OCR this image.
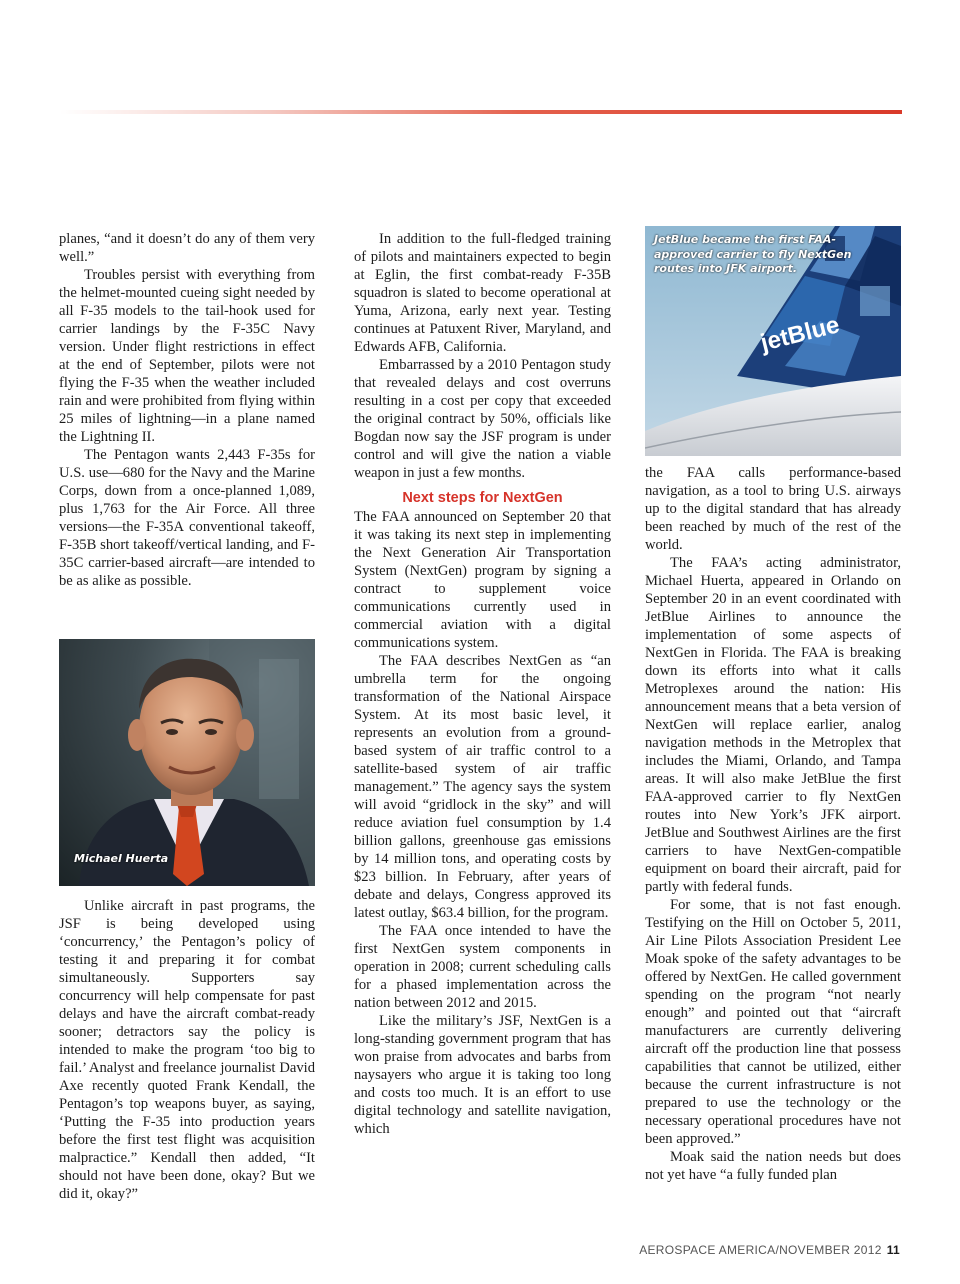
planes, “and it doesn’t do any of them very well.”

Troubles persist with everything from the helmet-mounted cueing sight needed by all F-35 models to the tail-hook used for carrier landings by the F-35C Navy version. Under flight restrictions in effect at the end of September, pilots were not flying the F-35 when the weather included rain and were prohibited from flying within 25 miles of lightning—in a plane named the Lightning II.

The Pentagon wants 2,443 F-35s for U.S. use—680 for the Navy and the Marine Corps, down from a once-planned 1,089, plus 1,763 for the Air Force. All three versions—the F-35A conventional takeoff, F-35B short takeoff/vertical landing, and F-35C carrier-based aircraft—are intended to be as alike as possible.

Michael Huerta

Unlike aircraft in past programs, the JSF is being developed using ‘concurrency,’ the Pentagon’s policy of testing it and preparing it for combat simultaneously. Supporters say concurrency will help compensate for past delays and have the aircraft combat-ready sooner; detractors say the policy is intended to make the program ‘too big to fail.’ Analyst and freelance journalist David Axe recently quoted Frank Kendall, the Pentagon’s top weapons buyer, as saying, ‘Putting the F-35 into production years before the first test flight was acquisition malpractice.” Kendall then added, “It should not have been done, okay? But we did it, okay?”

In addition to the full-fledged training of pilots and maintainers expected to begin at Eglin, the first combat-ready F-35B squadron is slated to become operational at Yuma, Arizona, early next year. Testing continues at Patuxent River, Maryland, and Edwards AFB, California.

Embarrassed by a 2010 Pentagon study that revealed delays and cost overruns resulting in a cost per copy that exceeded the original contract by 50%, officials like Bogdan now say the JSF program is under control and will give the nation a viable weapon in just a few months.

Next steps for NextGen

The FAA announced on September 20 that it was taking its next step in implementing the Next Generation Air Transportation System (NextGen) program by signing a contract to supplement voice communications currently used in commercial aviation with a digital communications system.

The FAA describes NextGen as “an umbrella term for the ongoing transformation of the National Airspace System. At its most basic level, it represents an evolution from a ground-based system of air traffic control to a satellite-based system of air traffic management.” The agency says the system will avoid “gridlock in the sky” and will reduce aviation fuel consumption by 1.4 billion gallons, greenhouse gas emissions by 14 million tons, and operating costs by $23 billion. In February, after years of debate and delays, Congress approved its latest outlay, $63.4 billion, for the program.

The FAA once intended to have the first NextGen system components in operation in 2008; current scheduling calls for a phased implementation across the nation between 2012 and 2015.

Like the military’s JSF, NextGen is a long-standing government program that has won praise from advocates and barbs from naysayers who argue it is taking too long and costs too much. It is an effort to use digital technology and satellite navigation, which

jetBlue
JetBlue became the first FAA-approved carrier to fly NextGen routes into JFK airport.

the FAA calls performance-based navigation, as a tool to bring U.S. airways up to the digital standard that has already been reached by much of the rest of the world.

The FAA’s acting administrator, Michael Huerta, appeared in Orlando on September 20 in an event coordinated with JetBlue Airlines to announce the implementation of some aspects of NextGen in Florida. The FAA is breaking down its efforts into what it calls Metroplexes around the nation: His announcement means that a beta version of NextGen will replace earlier, analog navigation methods in the Metroplex that includes the Miami, Orlando, and Tampa areas. It will also make JetBlue the first FAA-approved carrier to fly NextGen routes into New York’s JFK airport. JetBlue and Southwest Airlines are the first carriers to have NextGen-compatible equipment on board their aircraft, paid for partly with federal funds.

For some, that is not fast enough. Testifying on the Hill on October 5, 2011, Air Line Pilots Association President Lee Moak spoke of the safety advantages to be offered by NextGen. He called government spending on the program “not nearly enough” and pointed out that “aircraft manufacturers are currently delivering aircraft off the production line that possess capabilities that cannot be utilized, either because the current infrastructure is not prepared to use the technology or the necessary operational procedures have not been approved.”

Moak said the nation needs but does not yet have “a fully funded plan

AEROSPACE AMERICA/NOVEMBER 2012 11
